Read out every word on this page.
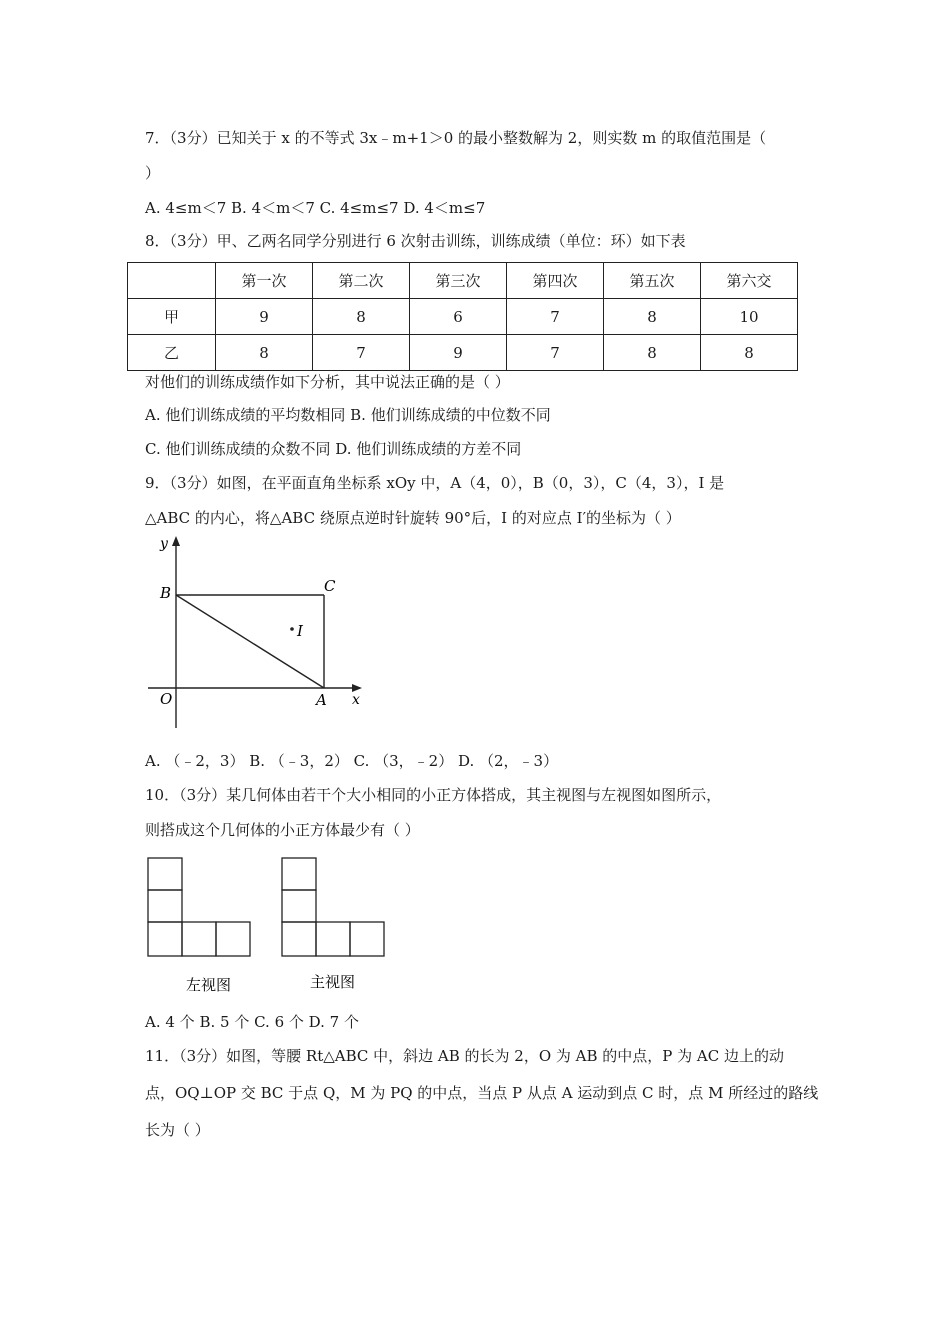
7．（3分）已知关于 x 的不等式 3x﹣m+1＞0 的最小整数解为 2，则实数 m 的取值范围是（
）
A. 4≤m＜7 B. 4＜m＜7 C. 4≤m≤7 D. 4＜m≤7
8．（3分）甲、乙两名同学分别进行 6 次射击训练，训练成绩（单位：环）如下表
	第一次	第二次	第三次	第四次	第五次	第六交
甲	9	8	6	7	8	10
乙	8	7	9	7	8	8
对他们的训练成绩作如下分析，其中说法正确的是（ ）
A. 他们训练成绩的平均数相同 B. 他们训练成绩的中位数不同
C. 他们训练成绩的众数不同 D. 他们训练成绩的方差不同
9．（3分）如图，在平面直角坐标系 xOy 中，A（4，0），B（0，3），C（4，3），I 是
△ABC 的内心，将△ABC 绕原点逆时针旋转 90°后，I 的对应点 I′的坐标为（ ）
y
x
O	A
B	C
I
A. （﹣2，3） B. （﹣3，2） C. （3，﹣2） D. （2，﹣3）
10．（3分）某几何体由若干个大小相同的小正方体搭成，其主视图与左视图如图所示，
则搭成这个几何体的小正方体最少有（ ）
左视图	主视图
A. 4 个 B. 5 个 C. 6 个 D. 7 个
11．（3分）如图，等腰 Rt△ABC 中，斜边 AB 的长为 2，O 为 AB 的中点，P 为 AC 边上的动
点，OQ⊥OP 交 BC 于点 Q，M 为 PQ 的中点，当点 P 从点 A 运动到点 C 时，点 M 所经过的路线
长为（ ）
